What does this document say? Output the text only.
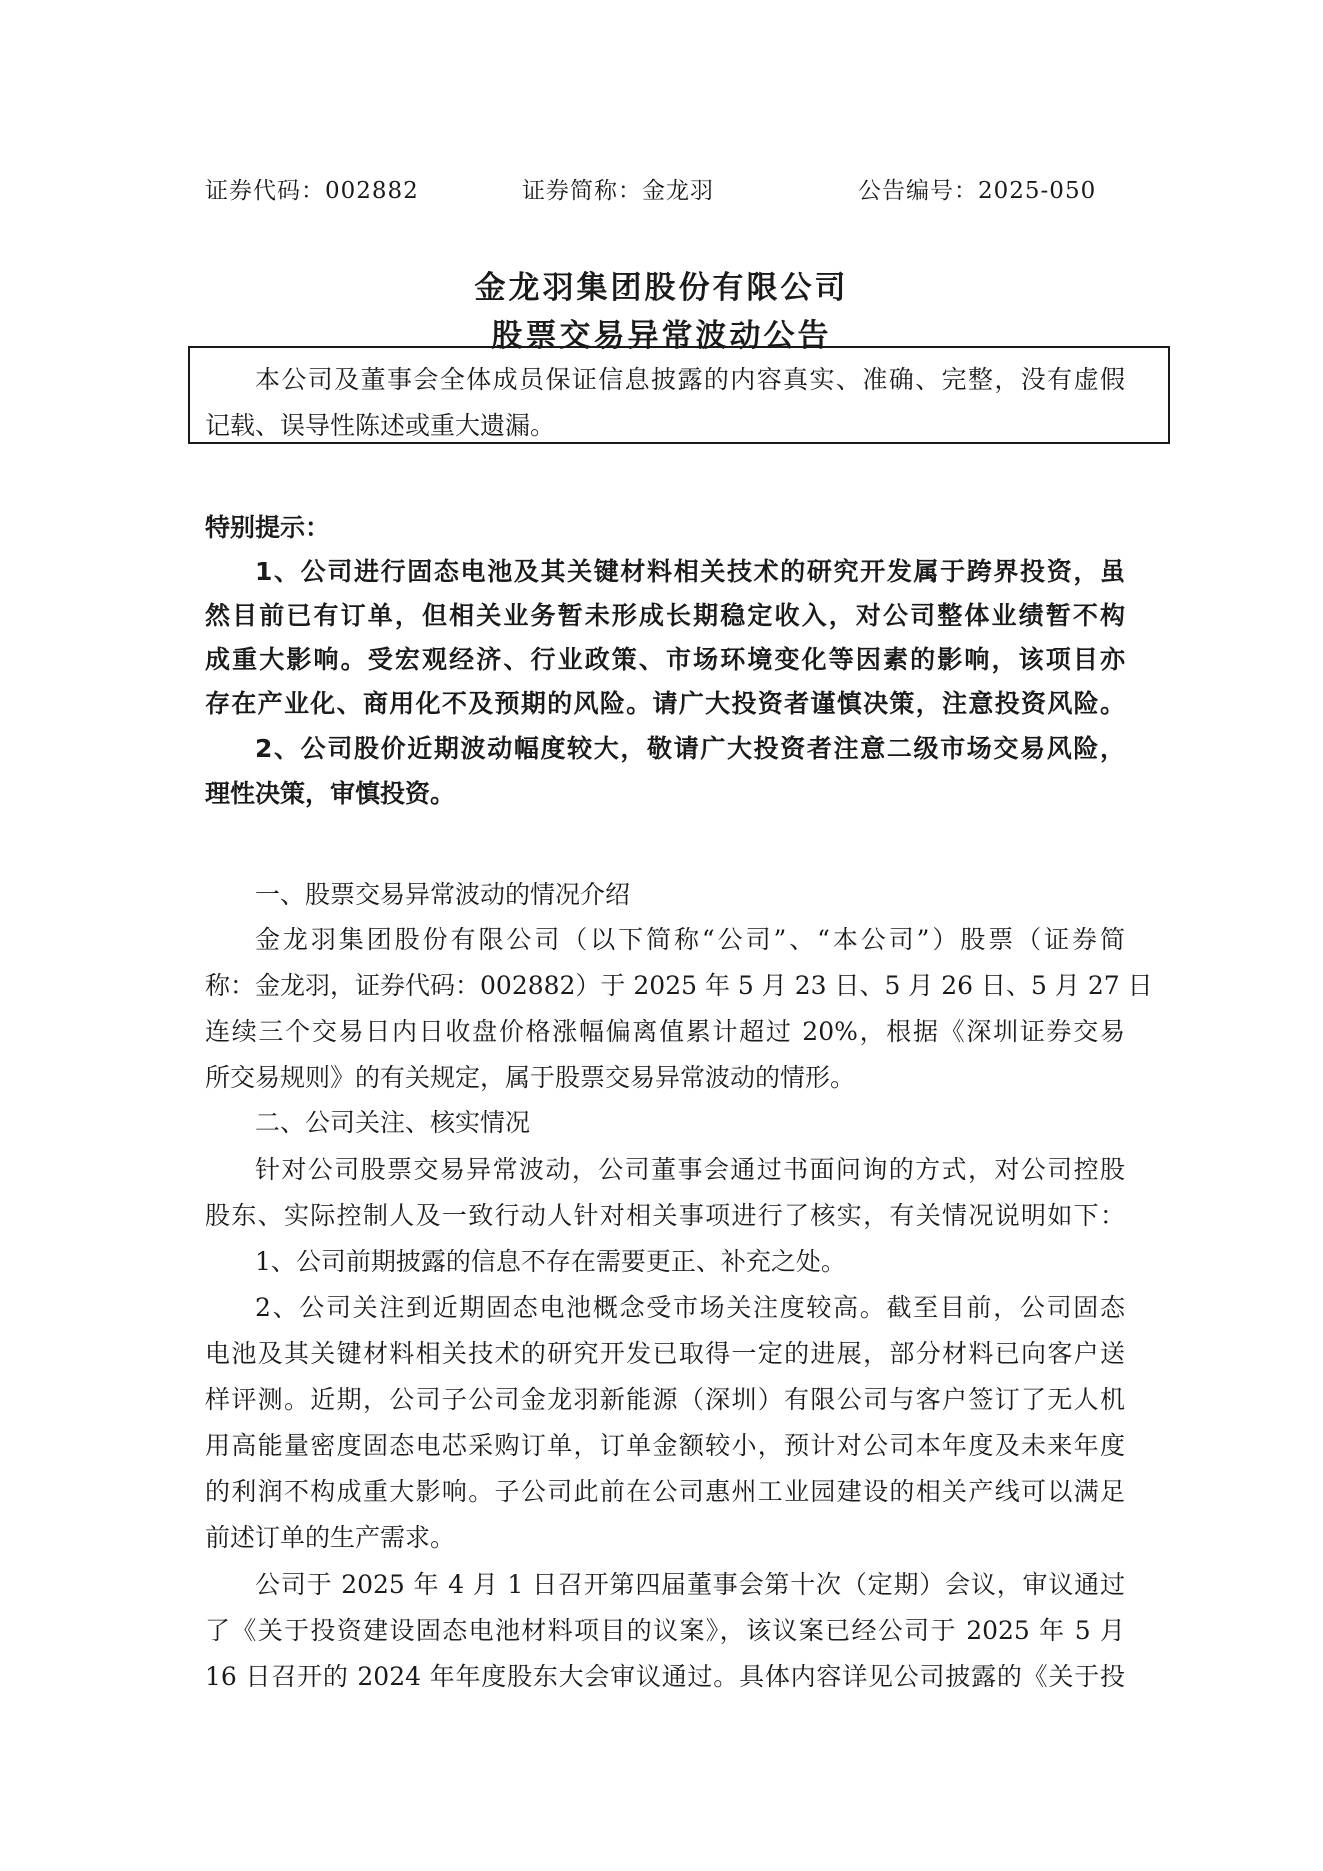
证券代码：002882	证券简称：金龙羽	公告编号：2025-050
金龙羽集团股份有限公司
股票交易异常波动公告
本公司及董事会全体成员保证信息披露的内容真实、准确、完整，没有虚假
记载、误导性陈述或重大遗漏。
特别提示：
1、公司进行固态电池及其关键材料相关技术的研究开发属于跨界投资，虽
然目前已有订单，但相关业务暂未形成长期稳定收入，对公司整体业绩暂不构
成重大影响。受宏观经济、行业政策、市场环境变化等因素的影响，该项目亦
存在产业化、商用化不及预期的风险。请广大投资者谨慎决策，注意投资风险。
2、公司股价近期波动幅度较大，敬请广大投资者注意二级市场交易风险，
理性决策，审慎投资。
一、股票交易异常波动的情况介绍
金龙羽集团股份有限公司（以下简称“公司”、“本公司”）股票（证券简
称：金龙羽，证券代码：002882）于 2025 年 5 月 23 日、5 月 26 日、5 月 27 日
连续三个交易日内日收盘价格涨幅偏离值累计超过 20%，根据《深圳证券交易
所交易规则》的有关规定，属于股票交易异常波动的情形。
二、公司关注、核实情况
针对公司股票交易异常波动，公司董事会通过书面问询的方式，对公司控股
股东、实际控制人及一致行动人针对相关事项进行了核实，有关情况说明如下：
1、公司前期披露的信息不存在需要更正、补充之处。
2、公司关注到近期固态电池概念受市场关注度较高。截至目前，公司固态
电池及其关键材料相关技术的研究开发已取得一定的进展，部分材料已向客户送
样评测。近期，公司子公司金龙羽新能源（深圳）有限公司与客户签订了无人机
用高能量密度固态电芯采购订单，订单金额较小，预计对公司本年度及未来年度
的利润不构成重大影响。子公司此前在公司惠州工业园建设的相关产线可以满足
前述订单的生产需求。
公司于 2025 年 4 月 1 日召开第四届董事会第十次（定期）会议，审议通过
了《关于投资建设固态电池材料项目的议案》，该议案已经公司于 2025 年 5 月
16 日召开的 2024 年年度股东大会审议通过。具体内容详见公司披露的《关于投
